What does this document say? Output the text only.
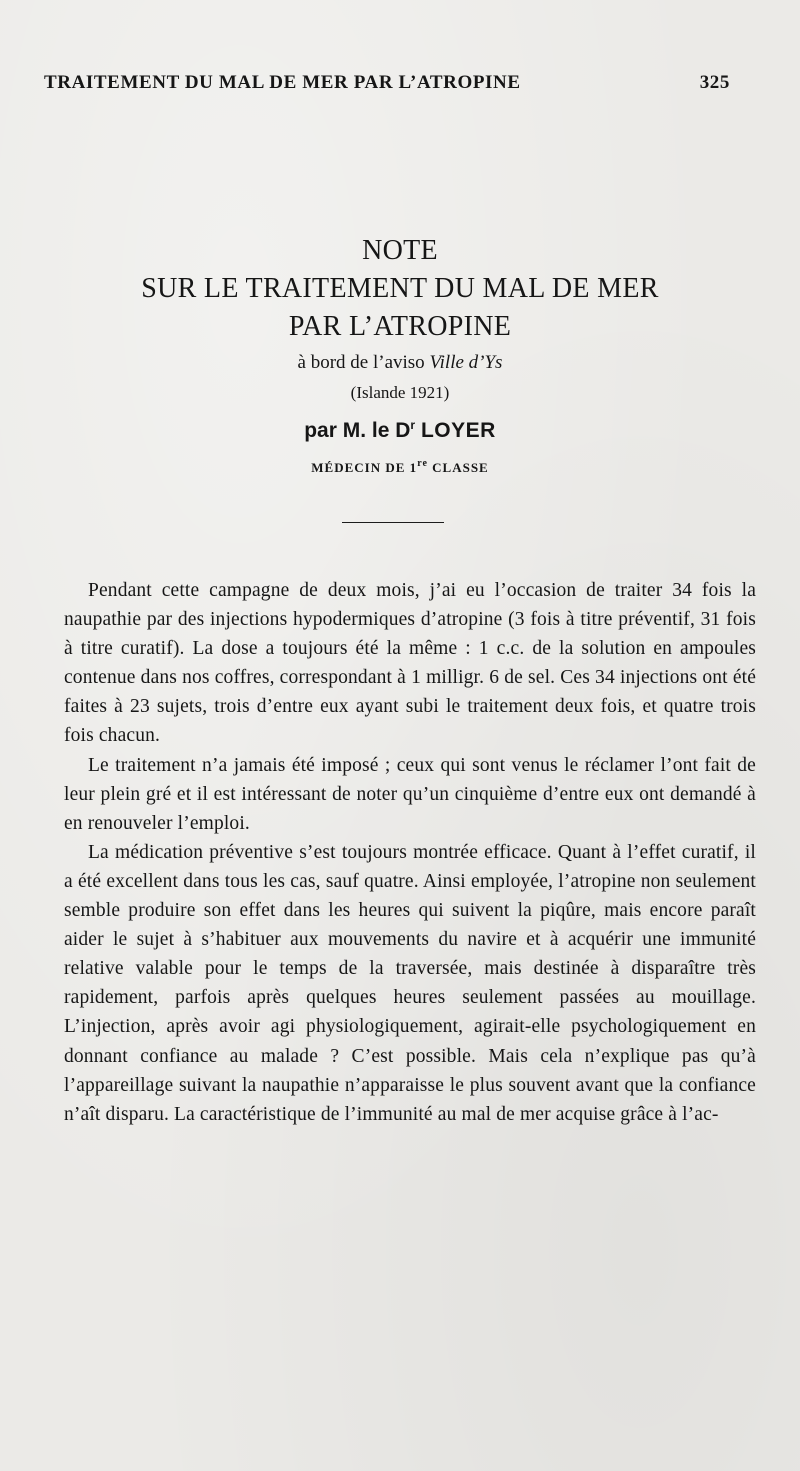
TRAITEMENT DU MAL DE MER PAR L’ATROPINE	325
NOTE
SUR LE TRAITEMENT DU MAL DE MER
PAR L’ATROPINE
à bord de l’aviso Ville d’Ys
(Islande 1921)
par M. le $D^r$ LOYER
MÉDECIN DE 1re CLASSE

Pendant cette campagne de deux mois, j’ai eu l’occasion de traiter 34 fois la naupathie par des injections hypodermiques d’atropine (3 fois à titre préventif, 31 fois à titre curatif). La dose a toujours été la même : 1 c.c. de la solution en ampoules contenue dans nos coffres, correspondant à 1 milligr. 6 de sel. Ces 34 injections ont été faites à 23 sujets, trois d’entre eux ayant subi le traitement deux fois, et quatre trois fois chacun.

Le traitement n’a jamais été imposé ; ceux qui sont venus le réclamer l’ont fait de leur plein gré et il est intéressant de noter qu’un cinquième d’entre eux ont demandé à en renouveler l’emploi.

La médication préventive s’est toujours montrée efficace. Quant à l’effet curatif, il a été excellent dans tous les cas, sauf quatre. Ainsi employée, l’atropine non seulement semble produire son effet dans les heures qui suivent la piqûre, mais encore paraît aider le sujet à s’habituer aux mouvements du navire et à acquérir une immunité relative valable pour le temps de la traversée, mais destinée à disparaître très rapidement, parfois après quelques heures seulement passées au mouillage. L’injection, après avoir agi physiologiquement, agirait-elle psychologiquement en donnant confiance au malade ? C’est possible. Mais cela n’explique pas qu’à l’appareillage suivant la naupathie n’apparaisse le plus souvent avant que la confiance n’aît disparu. La caractéristique de l’immunité au mal de mer acquise grâce à l’ac-
